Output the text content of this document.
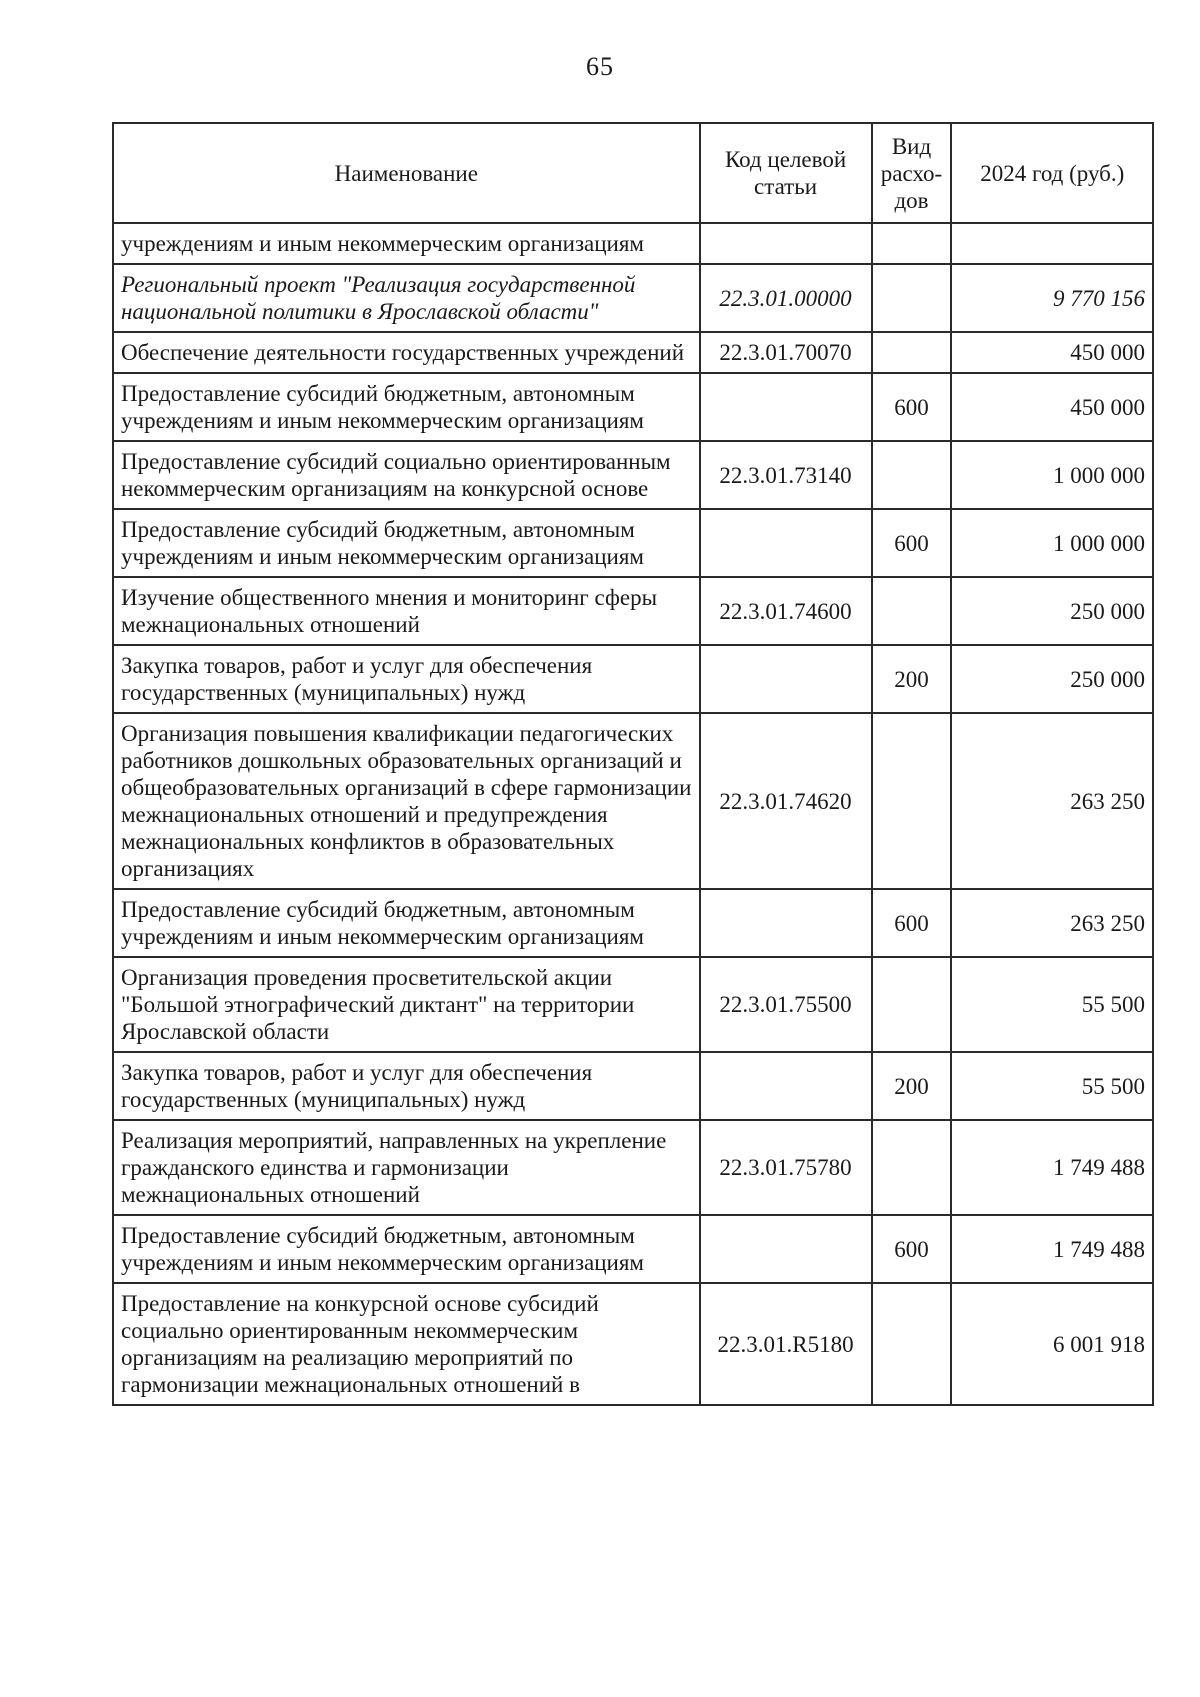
65
Наименование	Код целевой статьи	Вид расхо-дов	2024 год (руб.)
учреждениям и иным некоммерческим организациям			
Региональный проект "Реализация государственной национальной политики в Ярославской области"	22.3.01.00000		9 770 156
Обеспечение деятельности государственных учреждений	22.3.01.70070		450 000
Предоставление субсидий бюджетным, автономным учреждениям и иным некоммерческим организациям		600	450 000
Предоставление субсидий социально ориентированным некоммерческим организациям на конкурсной основе	22.3.01.73140		1 000 000
Предоставление субсидий бюджетным, автономным учреждениям и иным некоммерческим организациям		600	1 000 000
Изучение общественного мнения и мониторинг сферы межнациональных отношений	22.3.01.74600		250 000
Закупка товаров, работ и услуг для обеспечения государственных (муниципальных) нужд		200	250 000
Организация повышения квалификации педагогических работников дошкольных образовательных организаций и общеобразовательных организаций в сфере гармонизации межнациональных отношений и предупреждения межнациональных конфликтов в образовательных организациях	22.3.01.74620		263 250
Предоставление субсидий бюджетным, автономным учреждениям и иным некоммерческим организациям		600	263 250
Организация проведения просветительской акции "Большой этнографический диктант" на территории Ярославской области	22.3.01.75500		55 500
Закупка товаров, работ и услуг для обеспечения государственных (муниципальных) нужд		200	55 500
Реализация мероприятий, направленных на укрепление гражданского единства и гармонизации межнациональных отношений	22.3.01.75780		1 749 488
Предоставление субсидий бюджетным, автономным учреждениям и иным некоммерческим организациям		600	1 749 488
Предоставление на конкурсной основе субсидий социально ориентированным некоммерческим организациям на реализацию мероприятий по гармонизации межнациональных отношений в	22.3.01.R5180		6 001 918
